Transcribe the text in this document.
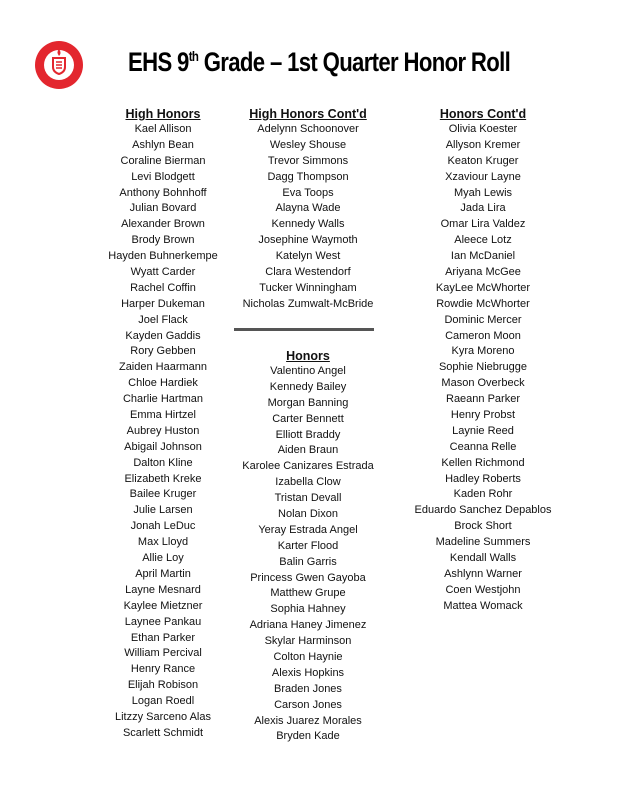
EHS 9th Grade – 1st Quarter Honor Roll
High Honors
Kael Allison
Ashlyn Bean
Coraline Bierman
Levi Blodgett
Anthony Bohnhoff
Julian Bovard
Alexander Brown
Brody Brown
Hayden Buhnerkempe
Wyatt Carder
Rachel Coffin
Harper Dukeman
Joel Flack
Kayden Gaddis
Rory Gebben
Zaiden Haarmann
Chloe Hardiek
Charlie Hartman
Emma Hirtzel
Aubrey Huston
Abigail Johnson
Dalton Kline
Elizabeth Kreke
Bailee Kruger
Julie Larsen
Jonah LeDuc
Max Lloyd
Allie Loy
April Martin
Layne Mesnard
Kaylee Mietzner
Laynee Pankau
Ethan Parker
William Percival
Henry Rance
Elijah Robison
Logan Roedl
Litzzy Sarceno Alas
Scarlett Schmidt
High Honors Cont'd
Adelynn Schoonover
Wesley Shouse
Trevor Simmons
Dagg Thompson
Eva Toops
Alayna Wade
Kennedy Walls
Josephine Waymoth
Katelyn West
Clara Westendorf
Tucker Winningham
Nicholas Zumwalt-McBride
Honors
Valentino Angel
Kennedy Bailey
Morgan Banning
Carter Bennett
Elliott Braddy
Aiden Braun
Karolee Canizares Estrada
Izabella Clow
Tristan Devall
Nolan Dixon
Yeray Estrada Angel
Karter Flood
Balin Garris
Princess Gwen Gayoba
Matthew Grupe
Sophia Hahney
Adriana Haney Jimenez
Skylar Harminson
Colton Haynie
Alexis Hopkins
Braden Jones
Carson Jones
Alexis Juarez Morales
Bryden Kade
Honors Cont'd
Olivia Koester
Allyson Kremer
Keaton Kruger
Xzaviour Layne
Myah Lewis
Jada Lira
Omar Lira Valdez
Aleece Lotz
Ian McDaniel
Ariyana McGee
KayLee McWhorter
Rowdie McWhorter
Dominic Mercer
Cameron Moon
Kyra Moreno
Sophie Niebrugge
Mason Overbeck
Raeann Parker
Henry Probst
Laynie Reed
Ceanna Relle
Kellen Richmond
Hadley Roberts
Kaden Rohr
Eduardo Sanchez Depablos
Brock Short
Madeline Summers
Kendall Walls
Ashlynn Warner
Coen Westjohn
Mattea Womack
